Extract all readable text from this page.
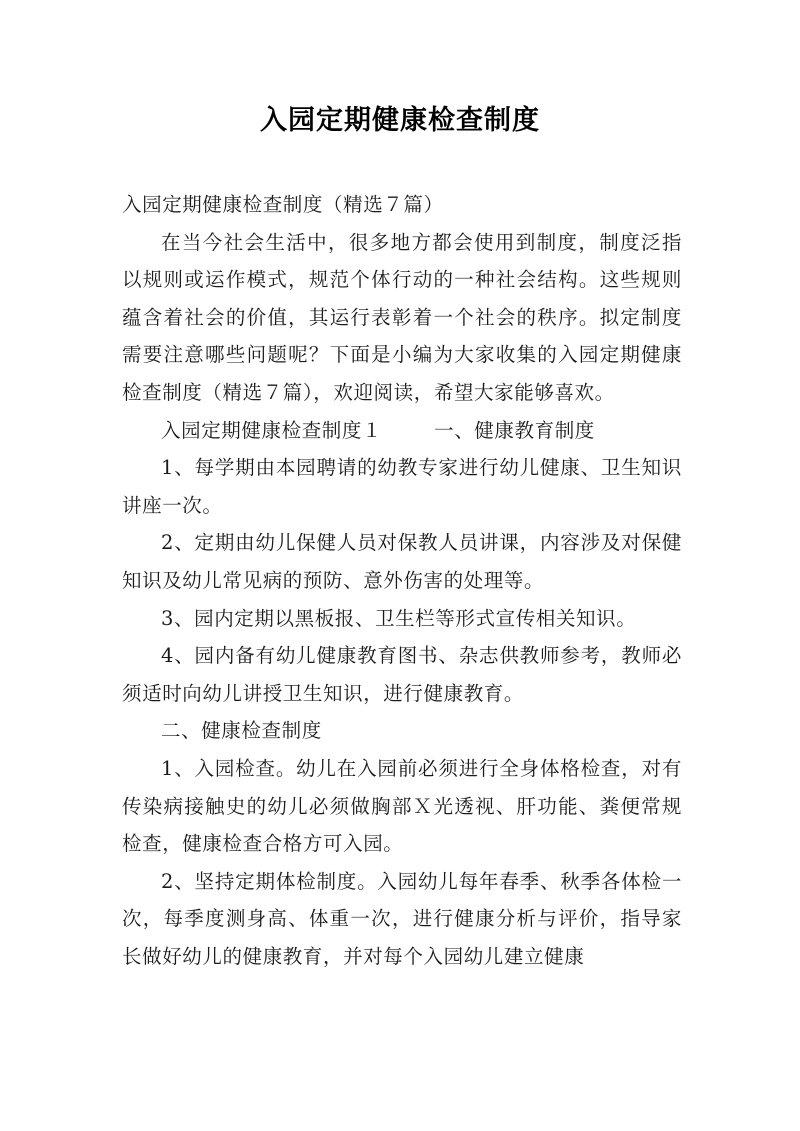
入园定期健康检查制度

入园定期健康检查制度（精选７篇）

在当今社会生活中，很多地方都会使用到制度，制度泛指以规则或运作模式，规范个体行动的一种社会结构。这些规则蕴含着社会的价值，其运行表彰着一个社会的秩序。拟定制度需要注意哪些问题呢？下面是小编为大家收集的入园定期健康检查制度（精选７篇），欢迎阅读，希望大家能够喜欢。

入园定期健康检查制度１	一、健康教育制度

1、每学期由本园聘请的幼教专家进行幼儿健康、卫生知识讲座一次。

2、定期由幼儿保健人员对保教人员讲课，内容涉及对保健知识及幼儿常见病的预防、意外伤害的处理等。

3、园内定期以黑板报、卫生栏等形式宣传相关知识。

4、园内备有幼儿健康教育图书、杂志供教师参考，教师必须适时向幼儿讲授卫生知识，进行健康教育。

二、健康检查制度

1、入园检查。幼儿在入园前必须进行全身体格检查，对有传染病接触史的幼儿必须做胸部Ｘ光透视、肝功能、粪便常规检查，健康检查合格方可入园。

2、坚持定期体检制度。入园幼儿每年春季、秋季各体检一次，每季度测身高、体重一次，进行健康分析与评价，指导家长做好幼儿的健康教育，并对每个入园幼儿建立健康
